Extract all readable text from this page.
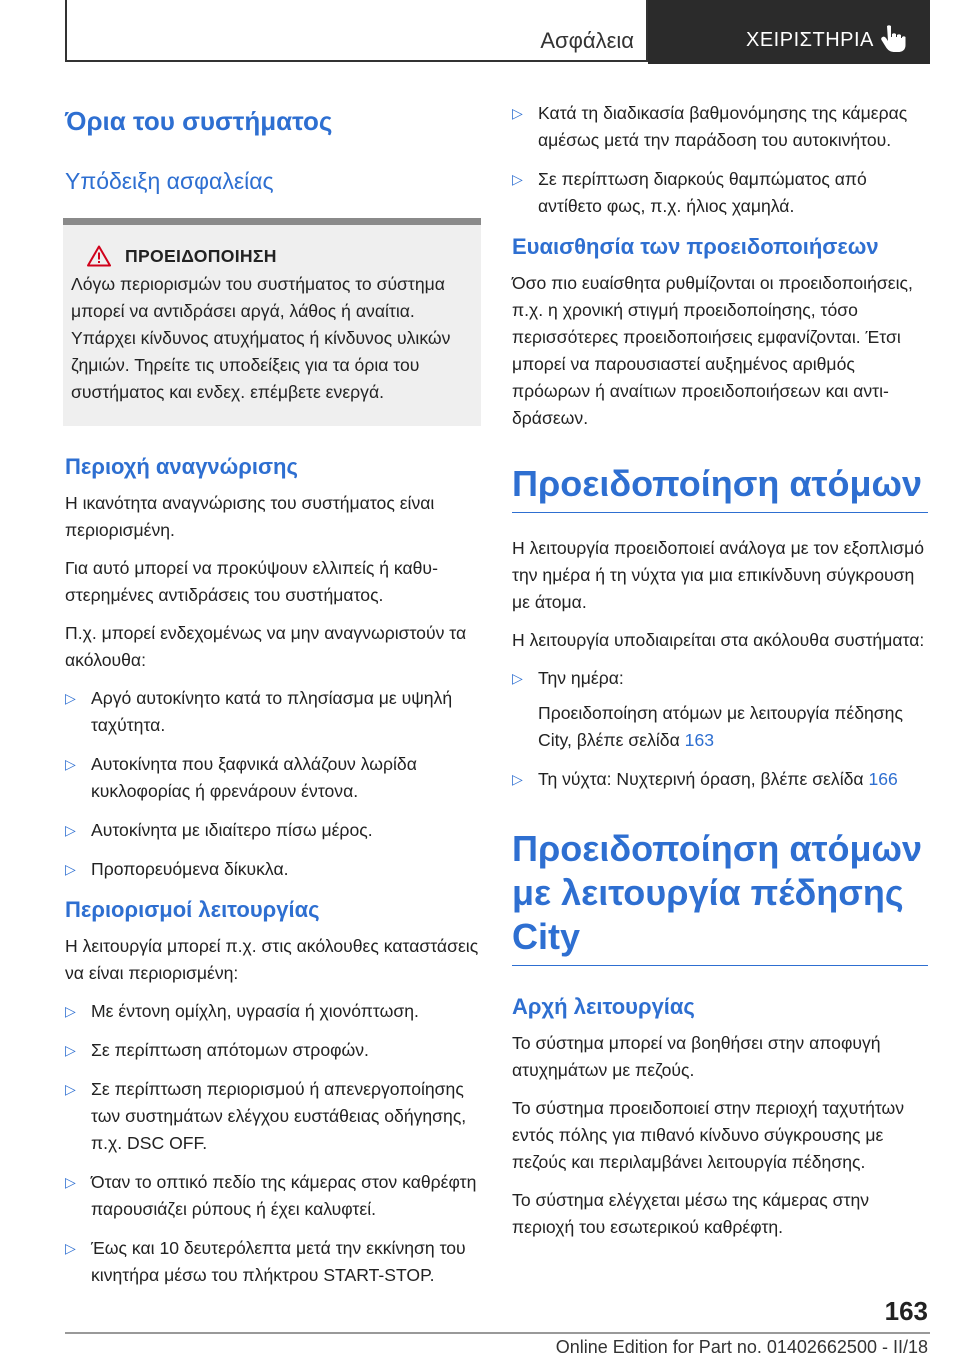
Ασφάλεια	ΧΕΙΡΙΣΤΗΡΙΑ
Όρια του συστήματος
Υπόδειξη ασφαλείας
ΠΡΟΕΙΔΟΠΟΙΗΣΗ

Λόγω περιορισμών του συστήματος το σύστημα μπορεί να αντιδράσει αργά, λάθος ή αναίτια. Υπάρχει κίνδυνος ατυχήματος ή κίνδυνος υλικών ζημιών. Τηρείτε τις υποδείξεις για τα όρια του συστήματος και ενδεχ. επέμβετε ενεργά.

Περιοχή αναγνώρισης

Η ικανότητα αναγνώρισης του συστήματος είναι περιορισμένη.

Για αυτό μπορεί να προκύψουν ελλιπείς ή καθυστερημένες αντιδράσεις του συστήματος.

Π.χ. μπορεί ενδεχομένως να μην αναγνωριστούν τα ακόλουθα:

▷ Αργό αυτοκίνητο κατά το πλησίασμα με υψηλή ταχύτητα.
▷ Αυτοκίνητα που ξαφνικά αλλάζουν λωρίδα κυκλοφορίας ή φρενάρουν έντονα.
▷ Αυτοκίνητα με ιδιαίτερο πίσω μέρος.
▷ Προπορευόμενα δίκυκλα.
Περιορισμοί λειτουργίας

Η λειτουργία μπορεί π.χ. στις ακόλουθες καταστάσεις να είναι περιορισμένη:

▷ Με έντονη ομίχλη, υγρασία ή χιονόπτωση.
▷ Σε περίπτωση απότομων στροφών.
▷ Σε περίπτωση περιορισμού ή απενεργοποίησης των συστημάτων ελέγχου ευστάθειας οδήγησης, π.χ. DSC OFF.
▷ Όταν το οπτικό πεδίο της κάμερας στον καθρέφτη παρουσιάζει ρύπους ή έχει καλυφτεί.
▷ Έως και 10 δευτερόλεπτα μετά την εκκίνηση του κινητήρα μέσω του πλήκτρου START-STOP.
▷ Κατά τη διαδικασία βαθμονόμησης της κάμερας αμέσως μετά την παράδοση του αυτοκινήτου.
▷ Σε περίπτωση διαρκούς θαμπώματος από αντίθετο φως, π.χ. ήλιος χαμηλά.
Ευαισθησία των προειδοποιήσεων

Όσο πιο ευαίσθητα ρυθμίζονται οι προειδοποιήσεις, π.χ. η χρονική στιγμή προειδοποίησης, τόσο περισσότερες προειδοποιήσεις εμφανίζονται. Έτσι μπορεί να παρουσιαστεί αυξημένος αριθμός πρόωρων ή αναίτιων προειδοποιήσεων και αντιδράσεων.

Προειδοποίηση ατόμων

Η λειτουργία προειδοποιεί ανάλογα με τον εξοπλισμό την ημέρα ή τη νύχτα για μια επικίνδυνη σύγκρουση με άτομα.

Η λειτουργία υποδιαιρείται στα ακόλουθα συστήματα:

▷ Την ημέρα:

Προειδοποίηση ατόμων με λειτουργία πέδησης City, βλέπε σελίδα 163
▷ Τη νύχτα: Νυχτερινή όραση, βλέπε σελίδα 166
Προειδοποίηση ατόμων με λειτουργία πέδησης City
Αρχή λειτουργίας

Το σύστημα μπορεί να βοηθήσει στην αποφυγή ατυχημάτων με πεζούς.

Το σύστημα προειδοποιεί στην περιοχή ταχυτήτων εντός πόλης για πιθανό κίνδυνο σύγκρουσης με πεζούς και περιλαμβάνει λειτουργία πέδησης.

Το σύστημα ελέγχεται μέσω της κάμερας στην περιοχή του εσωτερικού καθρέφτη.

163
Online Edition for Part no. 01402662500 - II/18
